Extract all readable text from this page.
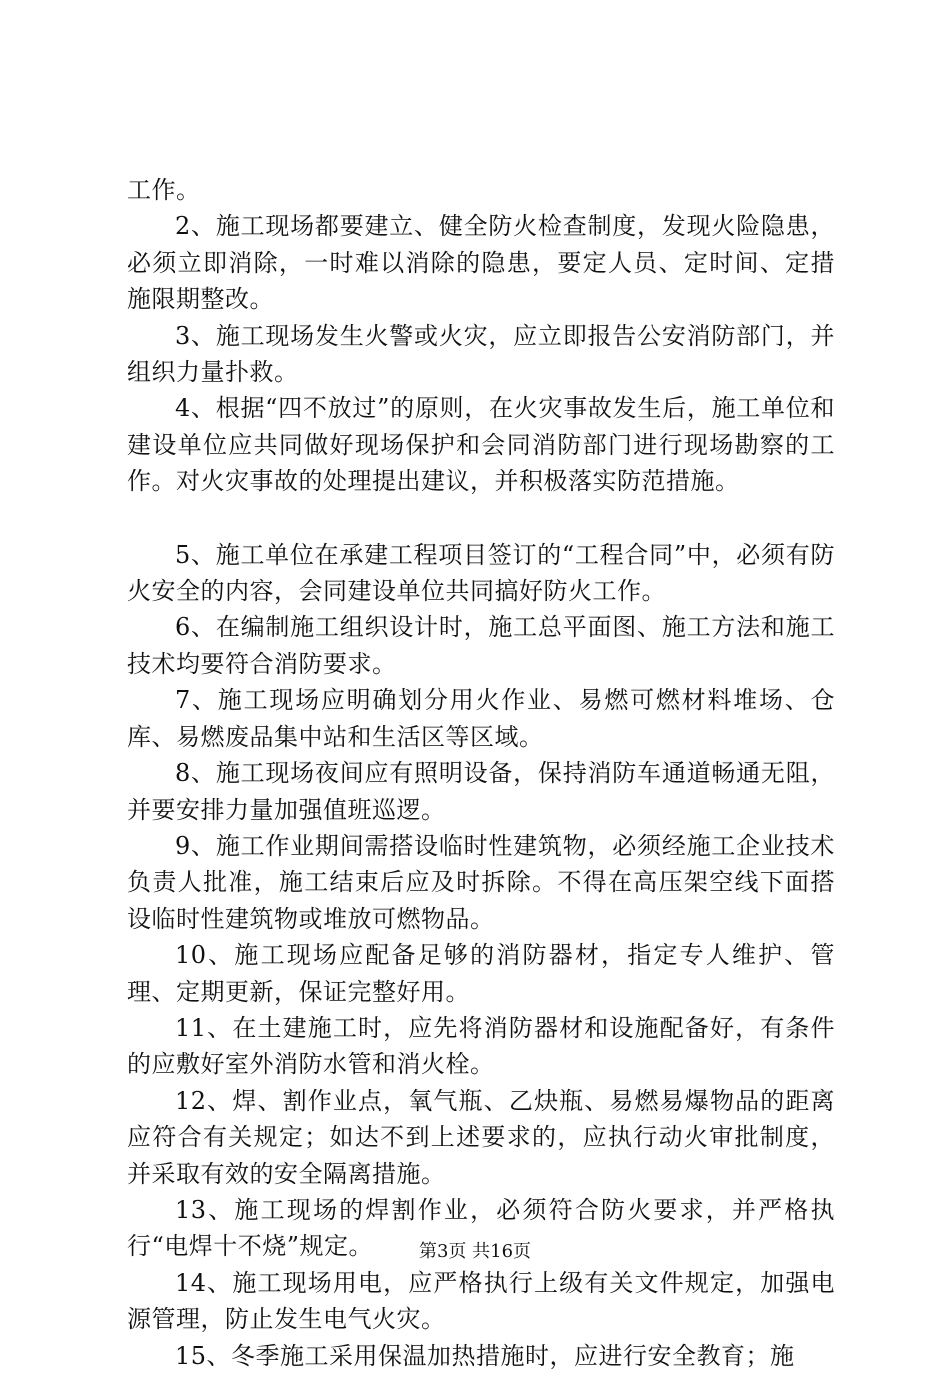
工作。

2、施工现场都要建立、健全防火检查制度，发现火险隐患，必须立即消除，一时难以消除的隐患，要定人员、定时间、定措施限期整改。

3、施工现场发生火警或火灾，应立即报告公安消防部门，并组织力量扑救。

4、根据“四不放过”的原则，在火灾事故发生后，施工单位和建设单位应共同做好现场保护和会同消防部门进行现场勘察的工作。对火灾事故的处理提出建议，并积极落实防范措施。

5、施工单位在承建工程项目签订的“工程合同”中，必须有防火安全的内容，会同建设单位共同搞好防火工作。

6、在编制施工组织设计时，施工总平面图、施工方法和施工技术均要符合消防要求。

7、施工现场应明确划分用火作业、易燃可燃材料堆场、仓库、易燃废品集中站和生活区等区域。

8、施工现场夜间应有照明设备，保持消防车通道畅通无阻，并要安排力量加强值班巡逻。

9、施工作业期间需搭设临时性建筑物，必须经施工企业技术负责人批准，施工结束后应及时拆除。不得在高压架空线下面搭设临时性建筑物或堆放可燃物品。

10、施工现场应配备足够的消防器材，指定专人维护、管理、定期更新，保证完整好用。

11、在土建施工时，应先将消防器材和设施配备好，有条件的应敷好室外消防水管和消火栓。

12、焊、割作业点，氧气瓶、乙炔瓶、易燃易爆物品的距离应符合有关规定；如达不到上述要求的，应执行动火审批制度，并采取有效的安全隔离措施。

13、施工现场的焊割作业，必须符合防火要求，并严格执行“电焊十不烧”规定。

14、施工现场用电，应严格执行上级有关文件规定，加强电源管理，防止发生电气火灾。

15、冬季施工采用保温加热措施时，应进行安全教育；施

第3页 共16页
